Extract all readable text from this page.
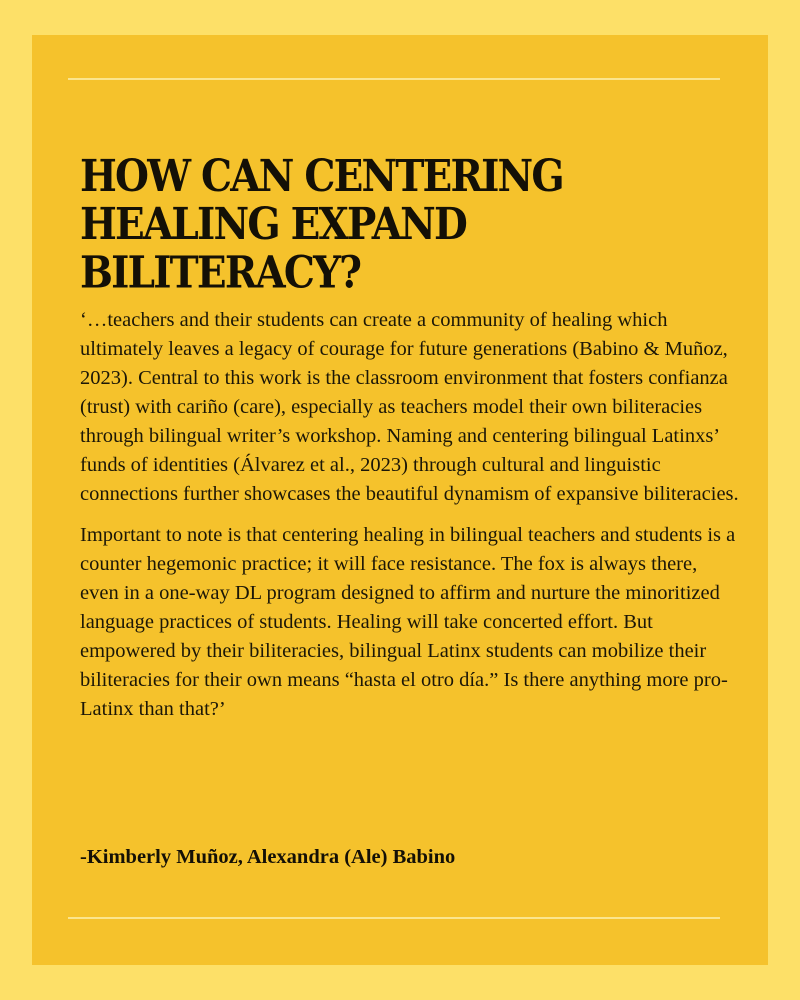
HOW CAN CENTERING HEALING EXPAND BILITERACY?

‘…teachers and their students can create a community of healing which ultimately leaves a legacy of courage for future generations (Babino & Muñoz, 2023). Central to this work is the classroom environment that fosters confianza (trust) with cariño (care), especially as teachers model their own biliteracies through bilingual writer’s workshop. Naming and centering bilingual Latinxs’ funds of identities (Álvarez et al., 2023) through cultural and linguistic connections further showcases the beautiful dynamism of expansive biliteracies.

Important to note is that centering healing in bilingual teachers and students is a counter hegemonic practice; it will face resistance. The fox is always there, even in a one-way DL program designed to affirm and nurture the minoritized language practices of students. Healing will take concerted effort. But empowered by their biliteracies, bilingual Latinx students can mobilize their biliteracies for their own means “hasta el otro día.” Is there anything more pro-Latinx than that?’

-Kimberly Muñoz, Alexandra (Ale) Babino
